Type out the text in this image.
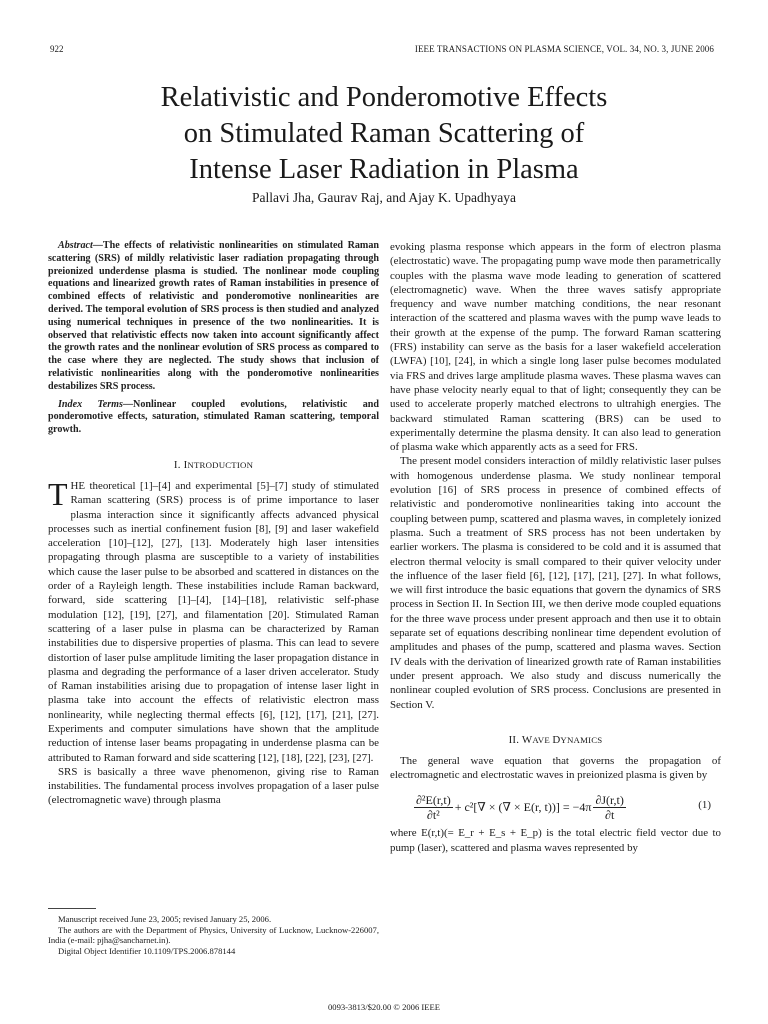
922	IEEE TRANSACTIONS ON PLASMA SCIENCE, VOL. 34, NO. 3, JUNE 2006
Relativistic and Ponderomotive Effects
on Stimulated Raman Scattering of
Intense Laser Radiation in Plasma
Pallavi Jha, Gaurav Raj, and Ajay K. Upadhyaya

Abstract—The effects of relativistic nonlinearities on stimulated Raman scattering (SRS) of mildly relativistic laser radiation propagating through preionized underdense plasma is studied. The nonlinear mode coupling equations and linearized growth rates of Raman instabilities in presence of combined effects of relativistic and ponderomotive nonlinearities are derived. The temporal evolution of SRS process is then studied and analyzed using numerical techniques in presence of the two nonlinearities. It is observed that relativistic effects now taken into account significantly affect the growth rates and the nonlinear evolution of SRS process as compared to the case where they are neglected. The study shows that inclusion of relativistic nonlinearities along with the ponderomotive nonlinearities destabilizes SRS process.

Index Terms—Nonlinear coupled evolutions, relativistic and ponderomotive effects, saturation, stimulated Raman scattering, temporal growth.

I. INTRODUCTION

THE theoretical [1]–[4] and experimental [5]–[7] study of stimulated Raman scattering (SRS) process is of prime importance to laser plasma interaction since it significantly affects advanced physical processes such as inertial confinement fusion [8], [9] and laser wakefield acceleration [10]–[12], [27], [13]. Moderately high laser intensities propagating through plasma are susceptible to a variety of instabilities which cause the laser pulse to be absorbed and scattered in distances on the order of a Rayleigh length. These instabilities include Raman backward, forward, side scattering [1]–[4], [14]–[18], relativistic self-phase modulation [12], [19], [27], and filamentation [20]. Stimulated Raman scattering of a laser pulse in plasma can be characterized by Raman instabilities due to dispersive properties of plasma. This can lead to severe distortion of laser pulse amplitude limiting the laser propagation distance in plasma and degrading the performance of a laser driven accelerator. Study of Raman instabilities arising due to propagation of intense laser light in plasma take into account the effects of relativistic electron mass nonlinearity, while neglecting thermal effects [6], [12], [17], [21], [27]. Experiments and computer simulations have shown that the amplitude reduction of intense laser beams propagating in underdense plasma can be attributed to Raman forward and side scattering [12], [18], [22], [23], [27].

SRS is basically a three wave phenomenon, giving rise to Raman instabilities. The fundamental process involves propagation of a laser pulse (electromagnetic wave) through plasma

evoking plasma response which appears in the form of electron plasma (electrostatic) wave. The propagating pump wave mode then parametrically couples with the plasma wave mode leading to generation of scattered (electromagnetic) wave. When the three waves satisfy appropriate frequency and wave number matching conditions, the near resonant interaction of the scattered and plasma waves with the pump wave leads to their growth at the expense of the pump. The forward Raman scattering (FRS) instability can serve as the basis for a laser wakefield acceleration (LWFA) [10], [24], in which a single long laser pulse becomes modulated via FRS and drives large amplitude plasma waves. These plasma waves can have phase velocity nearly equal to that of light; consequently they can be used to accelerate properly matched electrons to ultrahigh energies. The backward stimulated Raman scattering (BRS) can be used to experimentally determine the plasma density. It can also lead to generation of plasma wake which apparently acts as a seed for FRS.

The present model considers interaction of mildly relativistic laser pulses with homogenous underdense plasma. We study nonlinear temporal evolution [16] of SRS process in presence of combined effects of relativistic and ponderomotive nonlinearities taking into account the coupling between pump, scattered and plasma waves, in completely ionized plasma. Such a treatment of SRS process has not been undertaken by earlier workers. The plasma is considered to be cold and it is assumed that electron thermal velocity is small compared to their quiver velocity under the influence of the laser field [6], [12], [17], [21], [27]. In what follows, we will first introduce the basic equations that govern the dynamics of SRS process in Section II. In Section III, we then derive mode coupled equations for the three wave process under present approach and then use it to obtain separate set of equations describing nonlinear time dependent evolution of amplitudes and phases of the pump, scattered and plasma waves. Section IV deals with the derivation of linearized growth rate of Raman instabilities under present approach. We also study and discuss numerically the nonlinear coupled evolution of SRS process. Conclusions are presented in Section V.

II. WAVE DYNAMICS

The general wave equation that governs the propagation of electromagnetic and electrostatic waves in preionized plasma is given by

$\frac{\text{∂²E(r,t)}}{\text{∂t²}} + c^2[\nabla$ × (∇ × E(r, $t))] = -4\pi \frac{\partial J(r,t)}{\partial t}$	(1)

where E(r,t)(= E_r + E_s + E_p) is the total electric field vector due to pump (laser), scattered and plasma waves represented by

Manuscript received June 23, 2005; revised January 25, 2006.

The authors are with the Department of Physics, University of Lucknow, Lucknow-226007, India (e-mail: pjha@sancharnet.in).

Digital Object Identifier 10.1109/TPS.2006.878144

0093-3813/$20.00 © 2006 IEEE
